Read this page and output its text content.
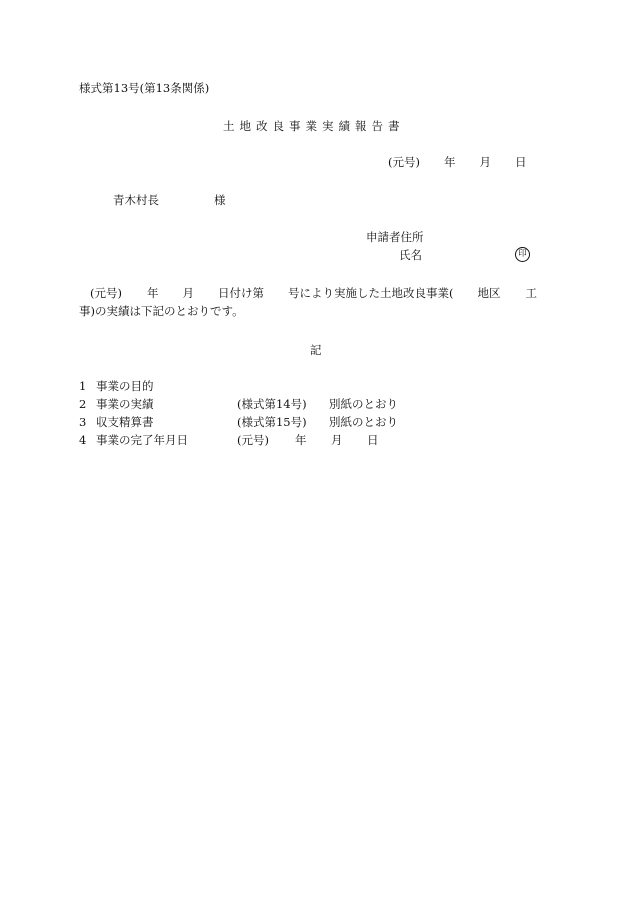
様式第13号(第13条関係)
土地改良事業実績報告書
(元号) 年 月 日
青木村長	様
申請者住所
氏名	印
(元号) 年 月 日付け第 号により実施した土地改良事業( 地区 工
事)の実績は下記のとおりです。
記
1 事業の目的
2 事業の実績	(様式第14号) 別紙のとおり
3 収支精算書	(様式第15号) 別紙のとおり
4 事業の完了年月日	(元号) 年 月 日
